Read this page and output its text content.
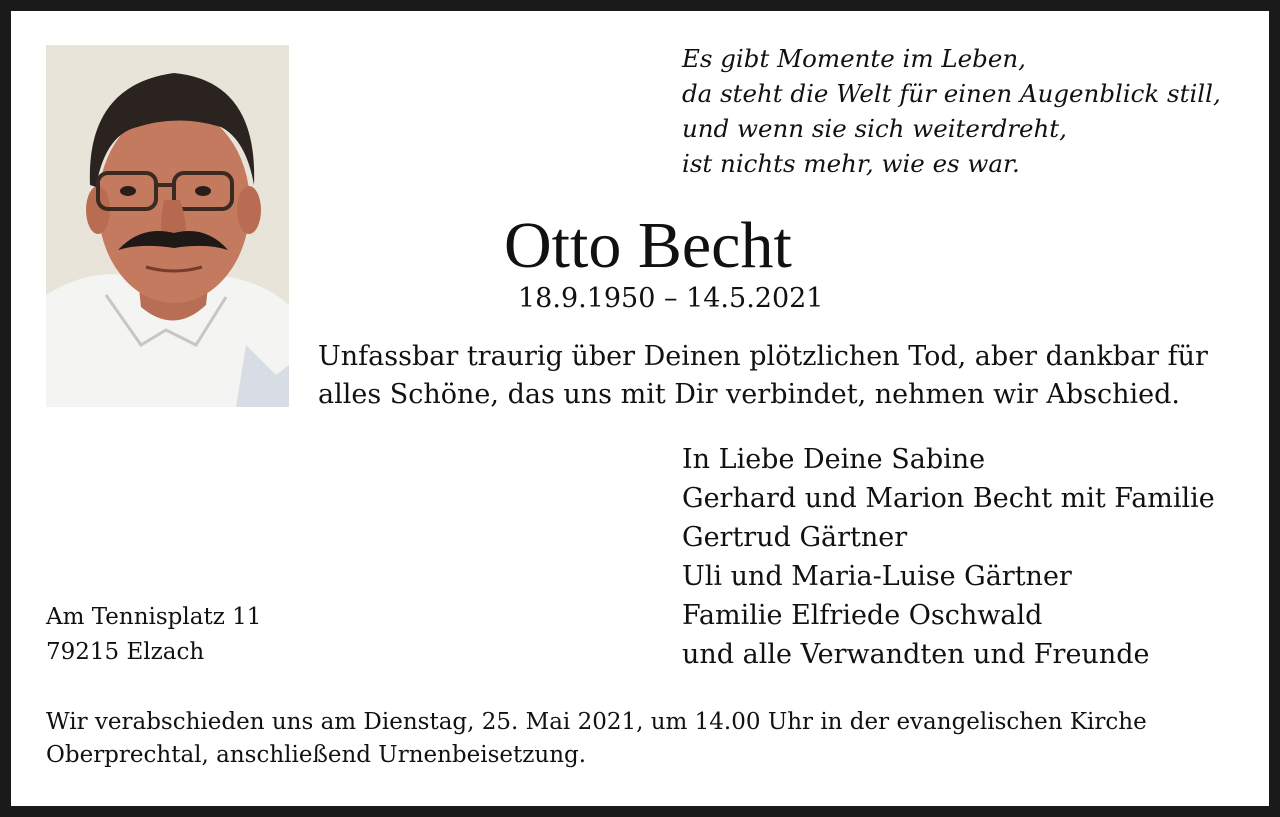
Es gibt Momente im Leben,
da steht die Welt für einen Augenblick still,
und wenn sie sich weiterdreht,
ist nichts mehr, wie es war.
Otto Becht
18.9.1950 – 14.5.2021
Unfassbar traurig über Deinen plötzlichen Tod, aber dankbar für
alles Schöne, das uns mit Dir verbindet, nehmen wir Abschied.
In Liebe Deine Sabine
Gerhard und Marion Becht mit Familie
Gertrud Gärtner
Uli und Maria-Luise Gärtner
Familie Elfriede Oschwald
und alle Verwandten und Freunde
Am Tennisplatz 11
79215 Elzach
Wir verabschieden uns am Dienstag, 25. Mai 2021, um 14.00 Uhr in der evangelischen Kirche
Oberprechtal, anschließend Urnenbeisetzung.
